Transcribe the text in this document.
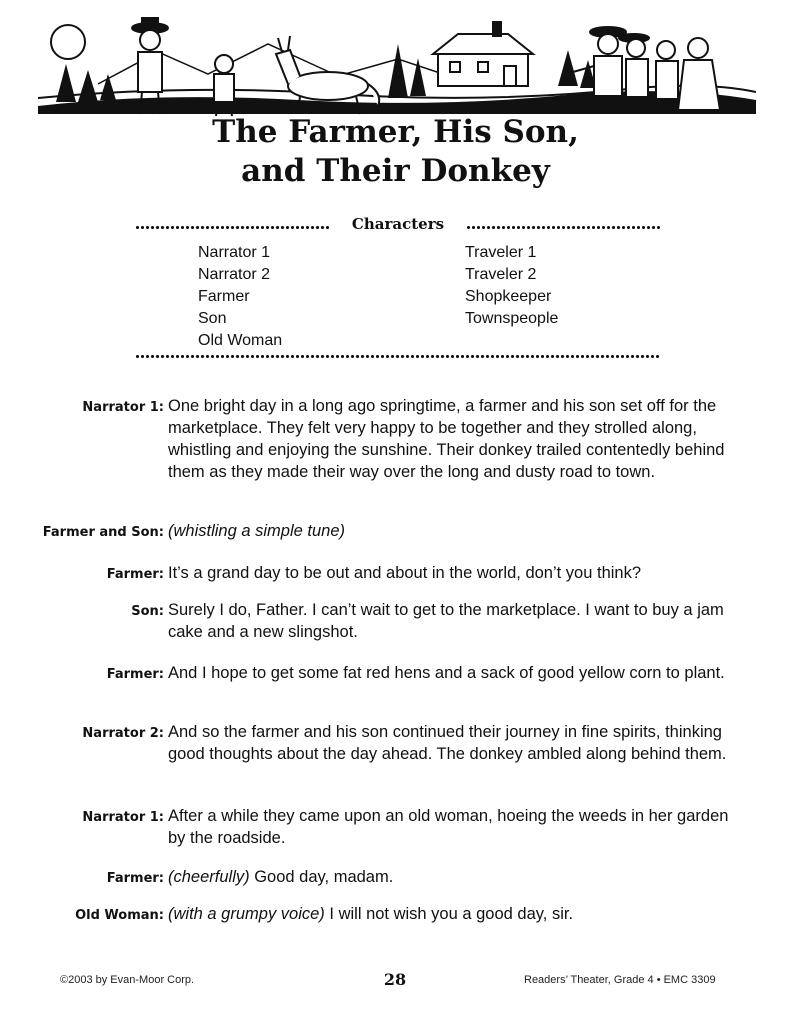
The Farmer, His Son,
and Their Donkey
Characters
Narrator 1
Narrator 2
Farmer
Son
Old Woman
Traveler 1
Traveler 2
Shopkeeper
Townspeople
Narrator 1: One bright day in a long ago springtime, a farmer and his son set off for the marketplace. They felt very happy to be together and they strolled along, whistling and enjoying the sunshine. Their donkey trailed contentedly behind them as they made their way over the long and dusty road to town.
Farmer and Son: (whistling a simple tune)
Farmer: It’s a grand day to be out and about in the world, don’t you think?
Son: Surely I do, Father. I can’t wait to get to the marketplace. I want to buy a jam cake and a new slingshot.
Farmer: And I hope to get some fat red hens and a sack of good yellow corn to plant.
Narrator 2: And so the farmer and his son continued their journey in fine spirits, thinking good thoughts about the day ahead. The donkey ambled along behind them.
Narrator 1: After a while they came upon an old woman, hoeing the weeds in her garden by the roadside.
Farmer: (cheerfully) Good day, madam.
Old Woman: (with a grumpy voice) I will not wish you a good day, sir.
©2003 by Evan-Moor Corp.	28	Readers’ Theater, Grade 4 • EMC 3309
